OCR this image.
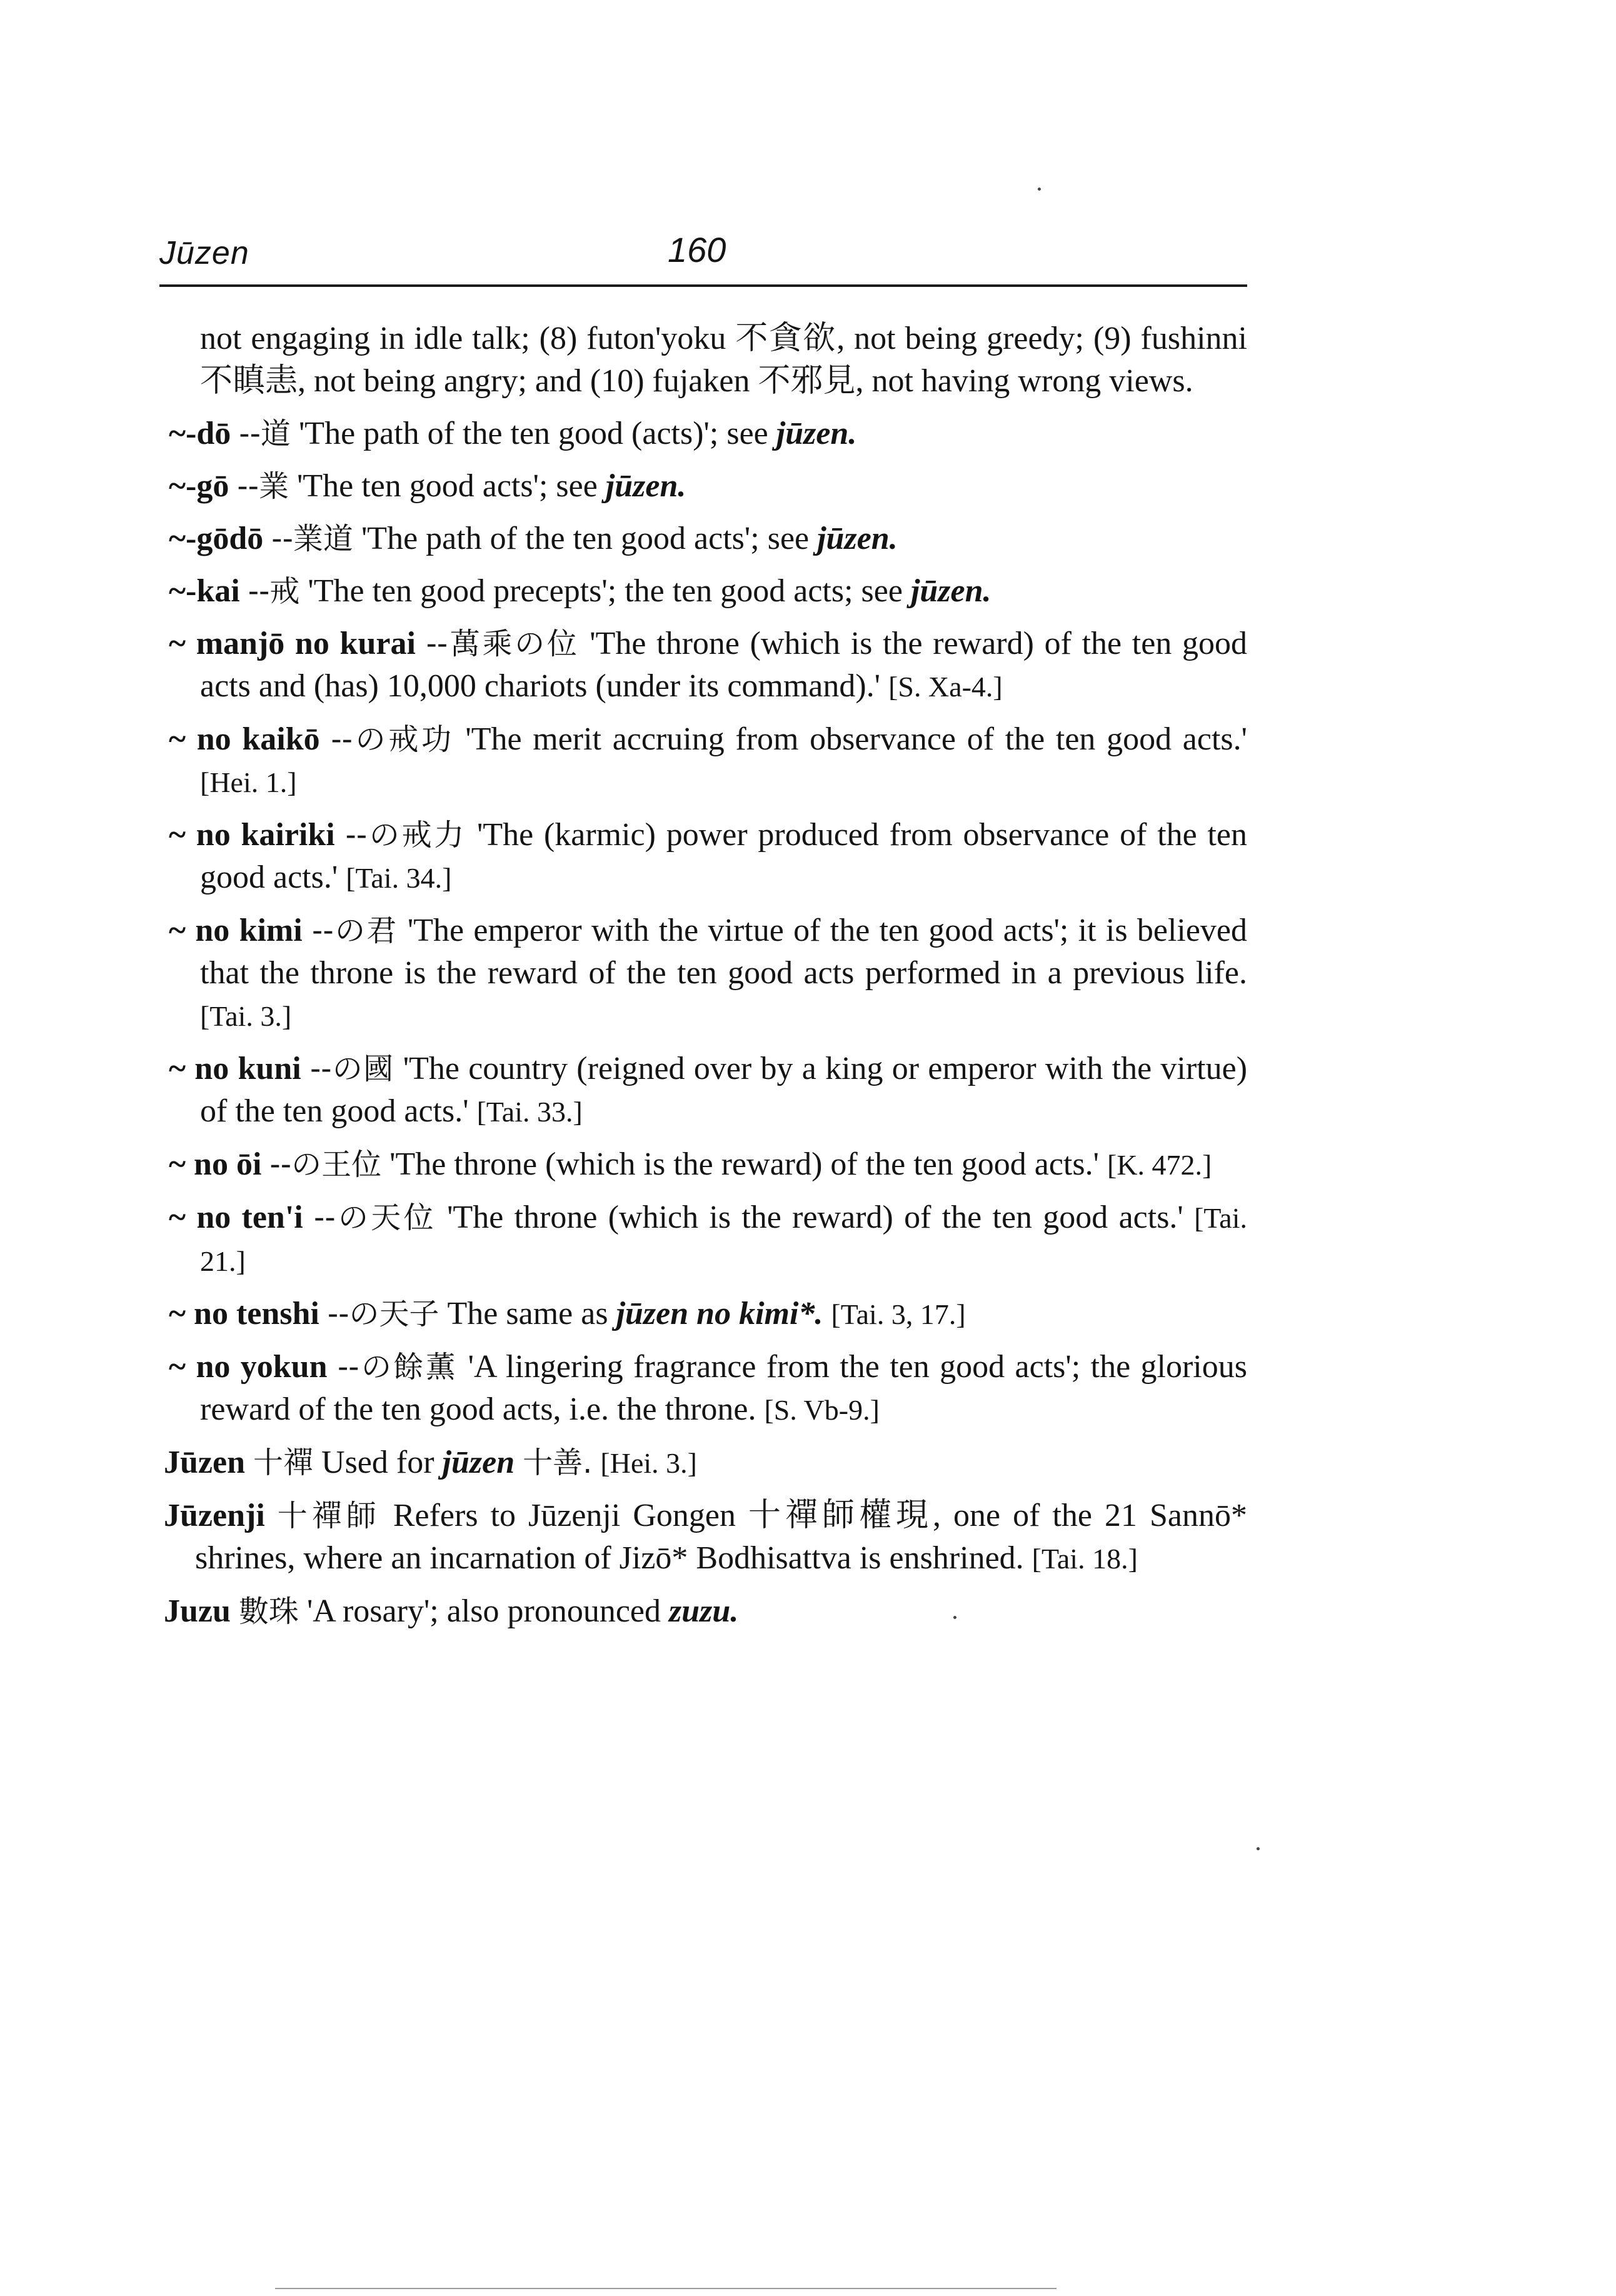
Jūzen	160

not engaging in idle talk; (8) futon'yoku 不貪欲, not being greedy; (9) fushinni 不瞋恚, not being angry; and (10) fujaken 不邪見, not having wrong views.

~-dō --道 'The path of the ten good (acts)'; see jūzen.

~-gō --業 'The ten good acts'; see jūzen.

~-gōdō --業道 'The path of the ten good acts'; see jūzen.

~-kai --戒 'The ten good precepts'; the ten good acts; see jūzen.

~ manjō no kurai --萬乘の位 'The throne (which is the reward) of the ten good acts and (has) 10,000 chariots (under its command).' [S. Xa-4.]

~ no kaikō --の戒功 'The merit accruing from observance of the ten good acts.' [Hei. 1.]

~ no kairiki --の戒力 'The (karmic) power produced from observance of the ten good acts.' [Tai. 34.]

~ no kimi --の君 'The emperor with the virtue of the ten good acts'; it is believed that the throne is the reward of the ten good acts performed in a previous life. [Tai. 3.]

~ no kuni --の國 'The country (reigned over by a king or emperor with the virtue) of the ten good acts.' [Tai. 33.]

~ no ōi --の王位 'The throne (which is the reward) of the ten good acts.' [K. 472.]

~ no ten'i --の天位 'The throne (which is the reward) of the ten good acts.' [Tai. 21.]

~ no tenshi --の天子 The same as jūzen no kimi*. [Tai. 3, 17.]

~ no yokun --の餘薫 'A lingering fragrance from the ten good acts'; the glorious reward of the ten good acts, i.e. the throne. [S. Vb-9.]

Jūzen 十禪 Used for jūzen 十善. [Hei. 3.]

Jūzenji 十禪師 Refers to Jūzenji Gongen 十禪師權現, one of the 21 Sannō* shrines, where an incarnation of Jizō* Bodhisattva is enshrined. [Tai. 18.]

Juzu 數珠 'A rosary'; also pronounced zuzu.
